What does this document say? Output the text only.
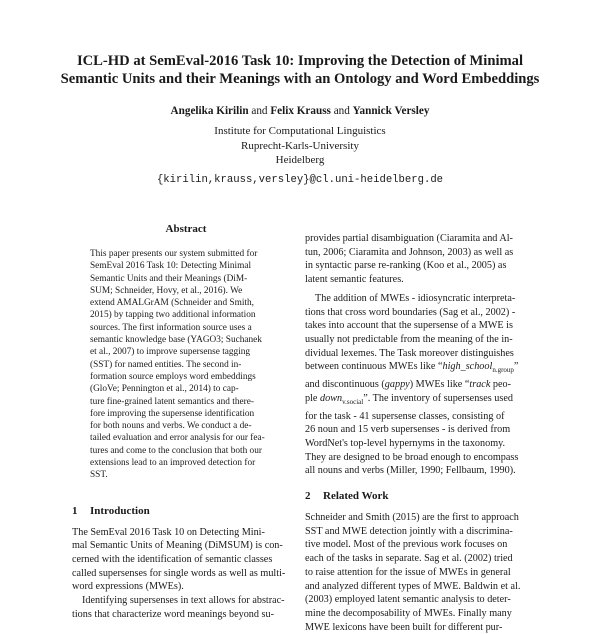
ICL-HD at SemEval-2016 Task 10: Improving the Detection of Minimal
Semantic Units and their Meanings with an Ontology and Word Embeddings
Angelika Kirilin and Felix Krauss and Yannick Versley
Institute for Computational Linguistics
Ruprecht-Karls-University
Heidelberg
{kirilin,krauss,versley}@cl.uni-heidelberg.de
Abstract
This paper presents our system submitted for
SemEval 2016 Task 10: Detecting Minimal
Semantic Units and their Meanings (DiM-
SUM; Schneider, Hovy, et al., 2016). We
extend AMALGrAM (Schneider and Smith,
2015) by tapping two additional information
sources. The first information source uses a
semantic knowledge base (YAGO3; Suchanek
et al., 2007) to improve supersense tagging
(SST) for named entities. The second in-
formation source employs word embeddings
(GloVe; Pennington et al., 2014) to cap-
ture fine-grained latent semantics and there-
fore improving the supersense identification
for both nouns and verbs. We conduct a de-
tailed evaluation and error analysis for our fea-
tures and come to the conclusion that both our
extensions lead to an improved detection for
SST.
1 Introduction
The SemEval 2016 Task 10 on Detecting Mini-
mal Semantic Units of Meaning (DiMSUM) is con-
cerned with the identification of semantic classes
called supersenses for single words as well as multi-
word expressions (MWEs).
Identifying supersenses in text allows for abstrac-
tions that characterize word meanings beyond su-
provides partial disambiguation (Ciaramita and Al-
tun, 2006; Ciaramita and Johnson, 2003) as well as
in syntactic parse re-ranking (Koo et al., 2005) as
latent semantic features.
The addition of MWEs - idiosyncratic interpreta-
tions that cross word boundaries (Sag et al., 2002) -
takes into account that the supersense of a MWE is
usually not predictable from the meaning of the in-
dividual lexemes. The Task moreover distinguishes
between continuous MWEs like “high_school$_{n.group}$”
and discontinuous (gappy) MWEs like “track peo-
ple down$_{v.social}$”. The inventory of supersenses used
for the task - 41 supersense classes, consisting of
26 noun and 15 verb supersenses - is derived from
WordNet's top-level hypernyms in the taxonomy.
They are designed to be broad enough to encompass
all nouns and verbs (Miller, 1990; Fellbaum, 1990).
2 Related Work
Schneider and Smith (2015) are the first to approach
SST and MWE detection jointly with a discrimina-
tive model. Most of the previous work focuses on
each of the tasks in separate. Sag et al. (2002) tried
to raise attention for the issue of MWEs in general
and analyzed different types of MWE. Baldwin et al.
(2003) employed latent semantic analysis to deter-
mine the decomposability of MWEs. Finally many
MWE lexicons have been built for different pur-
